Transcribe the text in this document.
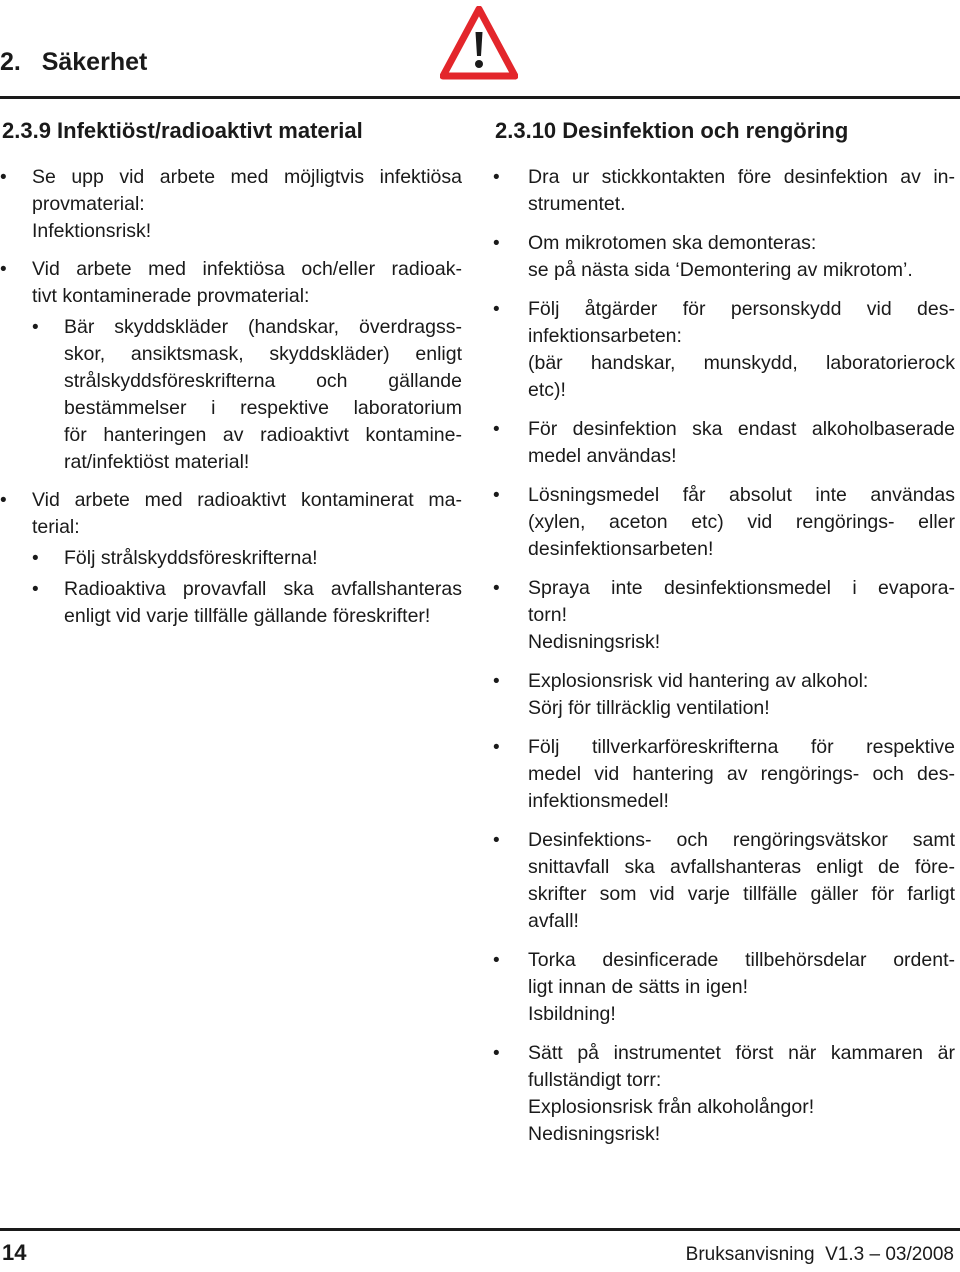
2. Säkerhet
2.3.9 Infektiöst/radioaktivt material
• Se upp vid arbete med möjligtvis infektiösa
provmaterial:
Infektionsrisk!
• Vid arbete med infektiösa och/eller radioak-
tivt kontaminerade provmaterial:
• Bär skyddskläder (handskar, överdragss-
skor, ansiktsmask, skyddskläder) enligt
strålskyddsföreskrifterna och gällande
bestämmelser i respektive laboratorium
för hanteringen av radioaktivt kontamine-
rat/infektiöst material!
• Vid arbete med radioaktivt kontaminerat ma-
terial:
• Följ strålskyddsföreskrifterna!
• Radioaktiva provavfall ska avfallshanteras
enligt vid varje tillfälle gällande föreskrifter!
2.3.10 Desinfektion och rengöring
• Dra ur stickkontakten före desinfektion av in-
strumentet.
• Om mikrotomen ska demonteras:
se på nästa sida ‘Demontering av mikrotom’.
• Följ åtgärder för personskydd vid des-
infektionsarbeten:
(bär handskar, munskydd, laboratorierock
etc)!
• För desinfektion ska endast alkoholbaserade
medel användas!
• Lösningsmedel får absolut inte användas
(xylen, aceton etc) vid rengörings- eller
desinfektionsarbeten!
• Spraya inte desinfektionsmedel i evapora-
torn!
Nedisningsrisk!
• Explosionsrisk vid hantering av alkohol:
Sörj för tillräcklig ventilation!
• Följ tillverkarföreskrifterna för respektive
medel vid hantering av rengörings- och des-
infektionsmedel!
• Desinfektions- och rengöringsvätskor samt
snittavfall ska avfallshanteras enligt de före-
skrifter som vid varje tillfälle gäller för farligt
avfall!
• Torka desinficerade tillbehörsdelar ordent-
ligt innan de sätts in igen!
Isbildning!
• Sätt på instrumentet först när kammaren är
fullständigt torr:
Explosionsrisk från alkoholångor!
Nedisningsrisk!
14	Bruksanvisning V1.3 – 03/2008
